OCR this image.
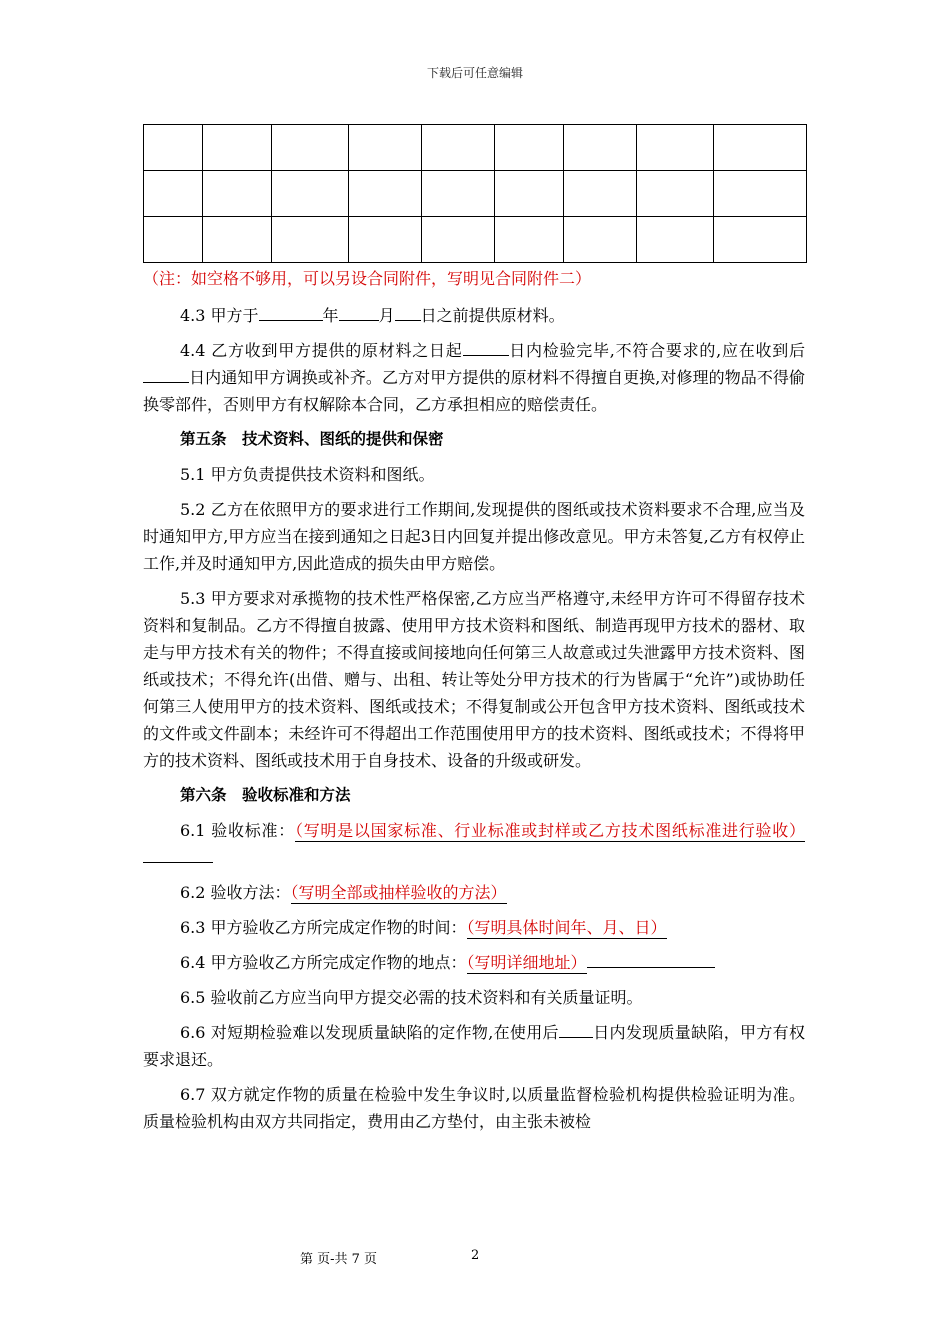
下载后可任意编辑

（注：如空格不够用，可以另设合同附件，写明见合同附件二）

4.3 甲方于	年	月 日之前提供原材料。

4.4 乙方收到甲方提供的原材料之日起	日内检验完毕,不符合要求的,应在收到后日内通知甲方调换或补齐。乙方对甲方提供的原材料不得擅自更换,对修理的物品不得偷换零部件，否则甲方有权解除本合同，乙方承担相应的赔偿责任。

第五条　技术资料、图纸的提供和保密

5.1 甲方负责提供技术资料和图纸。

5.2 乙方在依照甲方的要求进行工作期间,发现提供的图纸或技术资料要求不合理,应当及时通知甲方,甲方应当在接到通知之日起3日内回复并提出修改意见。甲方未答复,乙方有权停止工作,并及时通知甲方,因此造成的损失由甲方赔偿。

5.3 甲方要求对承揽物的技术性严格保密,乙方应当严格遵守,未经甲方许可不得留存技术资料和复制品。乙方不得擅自披露、使用甲方技术资料和图纸、制造再现甲方技术的器材、取走与甲方技术有关的物件；不得直接或间接地向任何第三人故意或过失泄露甲方技术资料、图纸或技术；不得允许(出借、赠与、出租、转让等处分甲方技术的行为皆属于“允许”)或协助任何第三人使用甲方的技术资料、图纸或技术；不得复制或公开包含甲方技术资料、图纸或技术的文件或文件副本；未经许可不得超出工作范围使用甲方的技术资料、图纸或技术；不得将甲方的技术资料、图纸或技术用于自身技术、设备的升级或研发。

第六条　验收标准和方法

6.1 验收标准：（写明是以国家标准、行业标准或封样或乙方技术图纸标准进行验收）

6.2 验收方法：（写明全部或抽样验收的方法）

6.3 甲方验收乙方所完成定作物的时间：（写明具体时间年、月、日）

6.4 甲方验收乙方所完成定作物的地点：（写明详细地址）

6.5 验收前乙方应当向甲方提交必需的技术资料和有关质量证明。

6.6 对短期检验难以发现质量缺陷的定作物,在使用后 日内发现质量缺陷，甲方有权要求退还。

6.7 双方就定作物的质量在检验中发生争议时,以质量监督检验机构提供检验证明为准。质量检验机构由双方共同指定，费用由乙方垫付，由主张未被检

第 页-共 7 页	2
